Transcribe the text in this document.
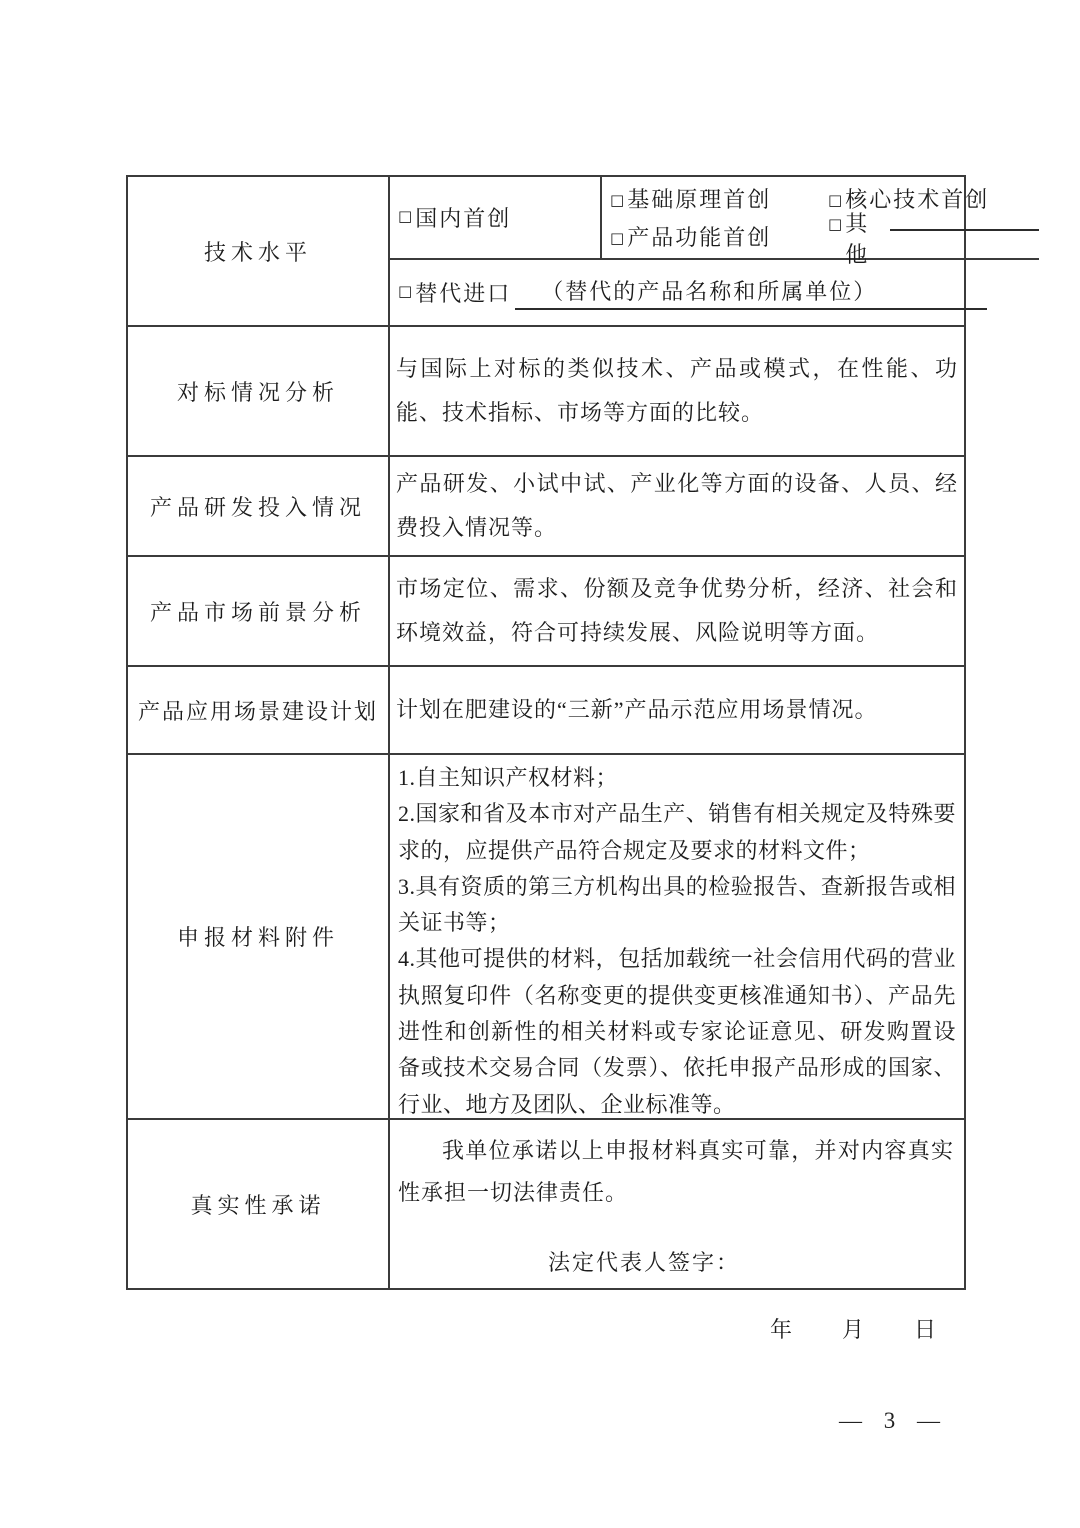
技术水平
□ 国内首创
□ 基础原理首创	□ 核心技术首创
□ 产品功能首创
□ 其他
□ 替代进口 （替代的产品名称和所属单位）
对标情况分析
与国际上对标的类似技术、产品或模式，在性能、功能、技术指标、市场等方面的比较。
产品研发投入情况
产品研发、小试中试、产业化等方面的设备、人员、经费投入情况等。
产品市场前景分析
市场定位、需求、份额及竞争优势分析，经济、社会和环境效益，符合可持续发展、风险说明等方面。
产品应用场景建设计划 计划在肥建设的“三新”产品示范应用场景情况。
申报材料附件
1.自主知识产权材料；
2.国家和省及本市对产品生产、销售有相关规定及特殊要求的，应提供产品符合规定及要求的材料文件；
3.具有资质的第三方机构出具的检验报告、查新报告或相关证书等；
4.其他可提供的材料，包括加载统一社会信用代码的营业执照复印件（名称变更的提供变更核准通知书）、产品先进性和创新性的相关材料或专家论证意见、研发购置设备或技术交易合同（发票）、依托申报产品形成的国家、行业、地方及团队、企业标准等。
真实性承诺
我单位承诺以上申报材料真实可靠，并对内容真实性承担一切法律责任。
法定代表人签字：
年　　月　　日
— 3 —
